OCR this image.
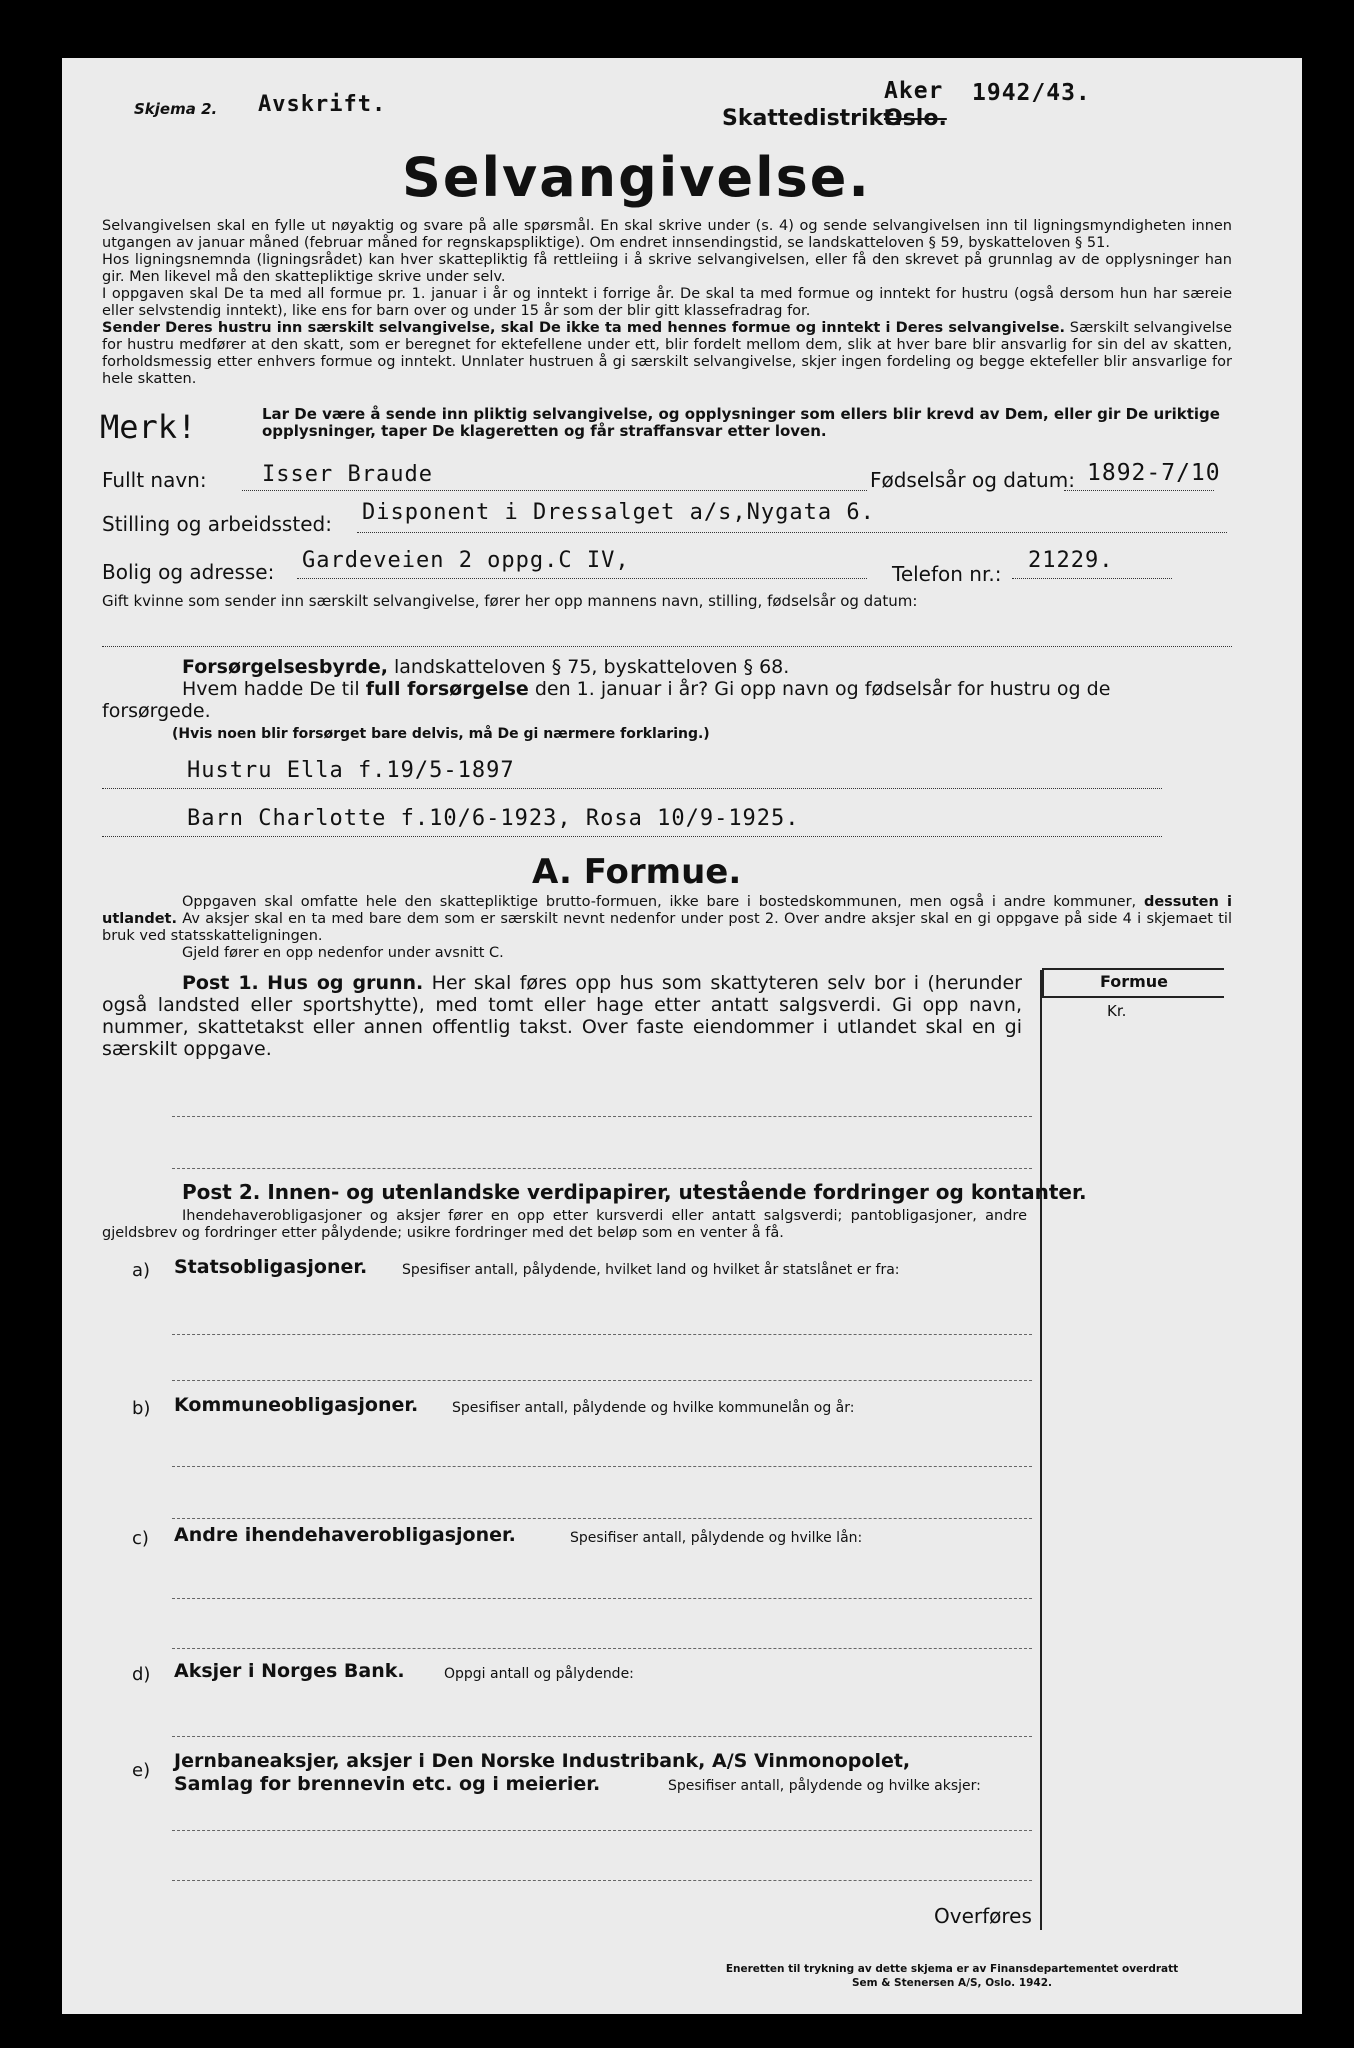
Skjema 2. Avskrift.
Skattedistrikt:
Aker 1942/43.
Oslo.
Selvangivelse.
Selvangivelsen skal en fylle ut nøyaktig og svare på alle spørsmål. En skal skrive under (s. 4) og sende selvangivelsen inn til ligningsmyndigheten innen utgangen av januar måned (februar måned for regnskapspliktige). Om endret innsendingstid, se landskatteloven § 59, byskatteloven § 51.
Hos ligningsnemnda (ligningsrådet) kan hver skattepliktig få rettleiing i å skrive selvangivelsen, eller få den skrevet på grunnlag av de opplysninger han gir. Men likevel må den skattepliktige skrive under selv.
I oppgaven skal De ta med all formue pr. 1. januar i år og inntekt i forrige år. De skal ta med formue og inntekt for hustru (også dersom hun har særeie eller selvstendig inntekt), like ens for barn over og under 15 år som der blir gitt klassefradrag for.
Sender Deres hustru inn særskilt selvangivelse, skal De ikke ta med hennes formue og inntekt i Deres selvangivelse. Særskilt selvangivelse for hustru medfører at den skatt, som er beregnet for ektefellene under ett, blir fordelt mellom dem, slik at hver bare blir ansvarlig for sin del av skatten, forholdsmessig etter enhvers formue og inntekt. Unnlater hustruen å gi særskilt selvangivelse, skjer ingen fordeling og begge ektefeller blir ansvarlige for hele skatten.
Merk!	Lar De være å sende inn pliktig selvangivelse, og opplysninger som ellers blir krevd av Dem, eller gir De uriktige opplysninger, taper De klageretten og får straffansvar etter loven.
Fullt navn:	Isser Braude	Fødselsår og datum: 1892-7/10
Stilling og arbeidssted: Disponent i Dressalget a/s,Nygata 6.
Bolig og adresse: Gardeveien 2 oppg.C IV,
Telefon nr.:
21229.
Gift kvinne som sender inn særskilt selvangivelse, fører her opp mannens navn, stilling, fødselsår og datum:
Forsørgelsesbyrde, landskatteloven § 75, byskatteloven § 68.
Hvem hadde De til full forsørgelse den 1. januar i år? Gi opp navn og fødselsår for hustru og de forsørgede.
(Hvis noen blir forsørget bare delvis, må De gi nærmere forklaring.)
Hustru Ella f.19/5-1897
Barn Charlotte f.10/6-1923, Rosa 10/9-1925.
A. Formue.
Oppgaven skal omfatte hele den skattepliktige brutto-formuen, ikke bare i bostedskommunen, men også i andre kommuner, dessuten i utlandet. Av aksjer skal en ta med bare dem som er særskilt nevnt nedenfor under post 2. Over andre aksjer skal en gi oppgave på side 4 i skjemaet til bruk ved statsskatteligningen.
Gjeld fører en opp nedenfor under avsnitt C.
Formue
Kr.
Post 1. Hus og grunn. Her skal føres opp hus som skattyteren selv bor i (herunder også landsted eller sportshytte), med tomt eller hage etter antatt salgsverdi. Gi opp navn, nummer, skattetakst eller annen offentlig takst. Over faste eiendommer i utlandet skal en gi særskilt oppgave.
Post 2. Innen- og utenlandske verdipapirer, utestående fordringer og kontanter.
Ihendehaverobligasjoner og aksjer fører en opp etter kursverdi eller antatt salgsverdi; pantobligasjoner, andre gjeldsbrev og fordringer etter pålydende; usikre fordringer med det beløp som en venter å få.
a) Statsobligasjoner. Spesifiser antall, pålydende, hvilket land og hvilket år statslånet er fra:
b) Kommuneobligasjoner. Spesifiser antall, pålydende og hvilke kommunelån og år:
c) Andre ihendehaverobligasjoner.	Spesifiser antall, pålydende og hvilke lån:
d) Aksjer i Norges Bank.	Oppgi antall og pålydende:
e) Jernbaneaksjer, aksjer i Den Norske Industribank, A/S Vinmonopolet,
Samlag for brennevin etc. og i meierier.	Spesifiser antall, pålydende og hvilke aksjer:
Overføres
Eneretten til trykning av dette skjema er av Finansdepartementet overdratt
Sem & Stenersen A/S, Oslo. 1942.
